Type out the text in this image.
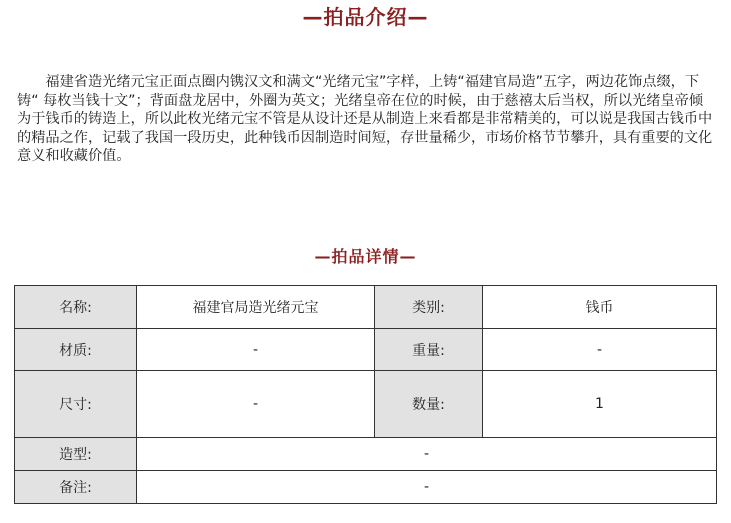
—拍品介绍—

福建省造光绪元宝正面点圈内镌汉文和满文“光绪元宝”字样，上铸“福建官局造”五字，两边花饰点缀，下铸“ 每枚当钱十文”；背面盘龙居中，外圈为英文；光绪皇帝在位的时候，由于慈禧太后当权，所以光绪皇帝倾为于钱币的铸造上，所以此枚光绪元宝不管是从设计还是从制造上来看都是非常精美的，可以说是我国古钱币中的精品之作，记载了我国一段历史，此种钱币因制造时间短，存世量稀少，市场价格节节攀升，具有重要的文化意义和收藏价值。

—拍品详情—
名称:	福建官局造光绪元宝	类别:	钱币
材质:	-	重量:	-
尺寸:	-	数量:	1
造型:	-		
备注:	-		
